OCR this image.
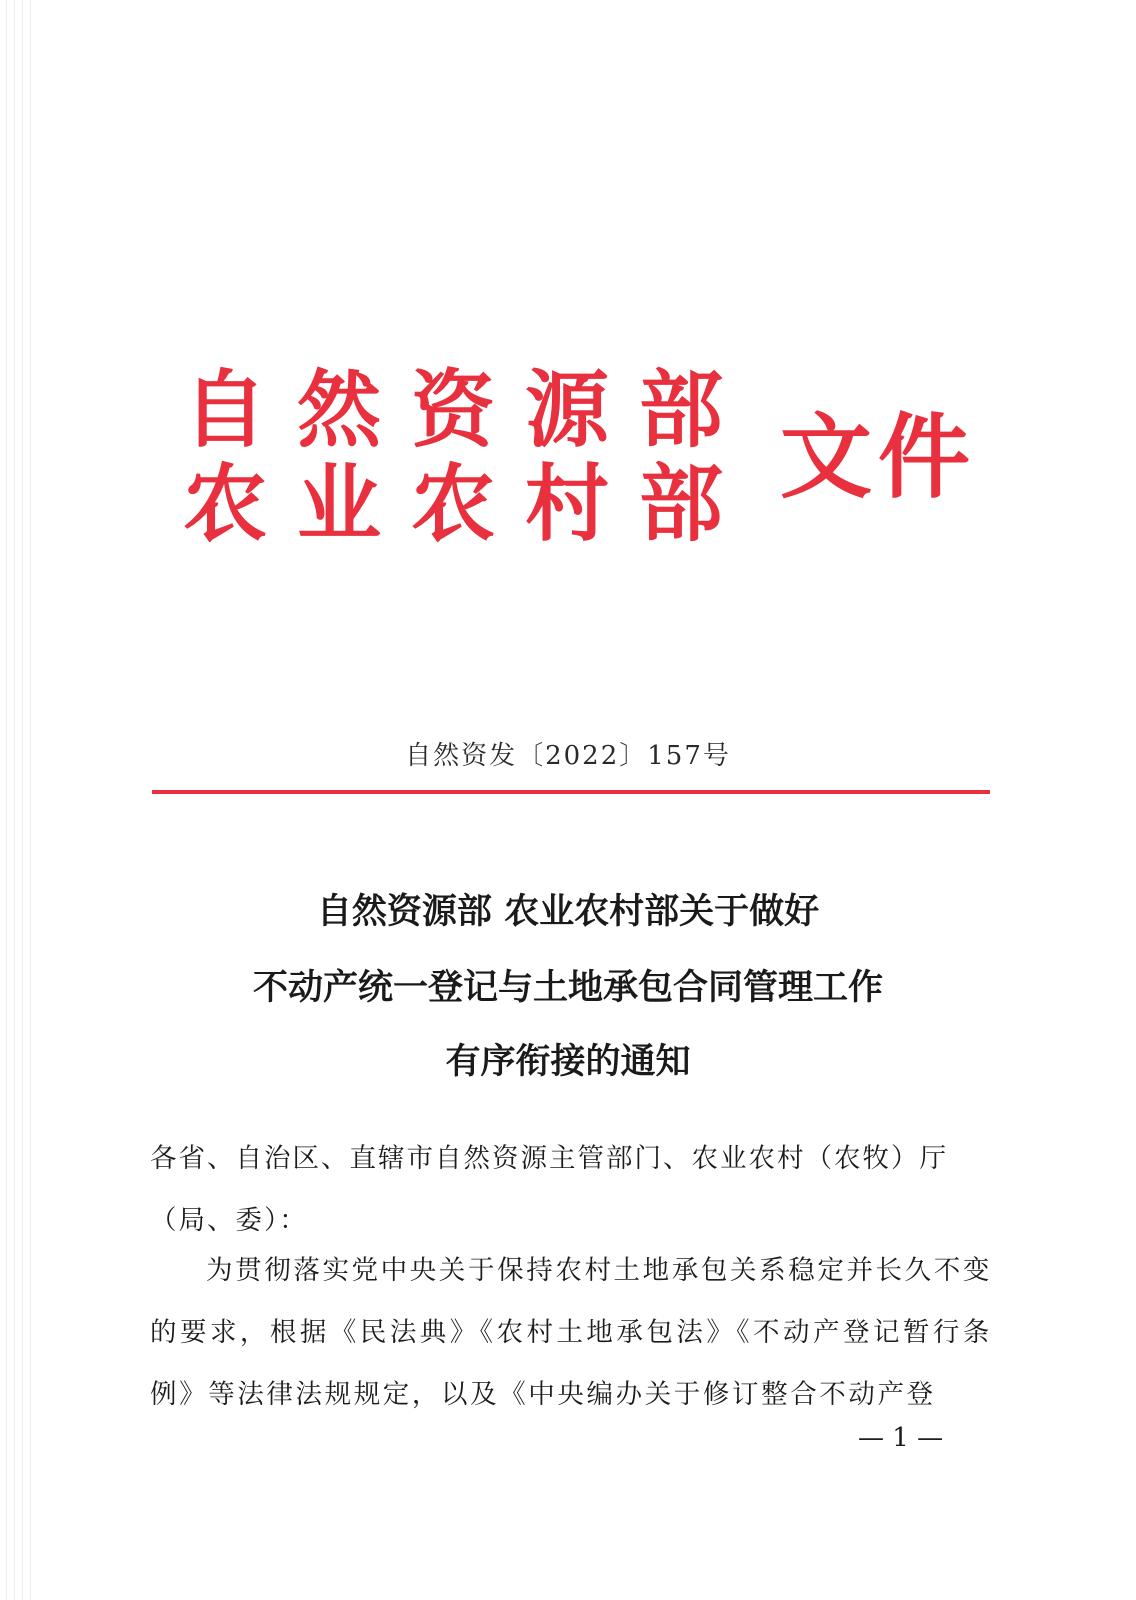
自然资源部
农业农村部 文件
自然资发〔2022〕157号
自然资源部 农业农村部关于做好
不动产统一登记与土地承包合同管理工作
有序衔接的通知
各省、自治区、直辖市自然资源主管部门、农业农村（农牧）厅（局、委）：
为贯彻落实党中央关于保持农村土地承包关系稳定并长久不变的要求，根据《民法典》《农村土地承包法》《不动产登记暂行条例》等法律法规规定，以及《中央编办关于修订整合不动产登
— 1 —
